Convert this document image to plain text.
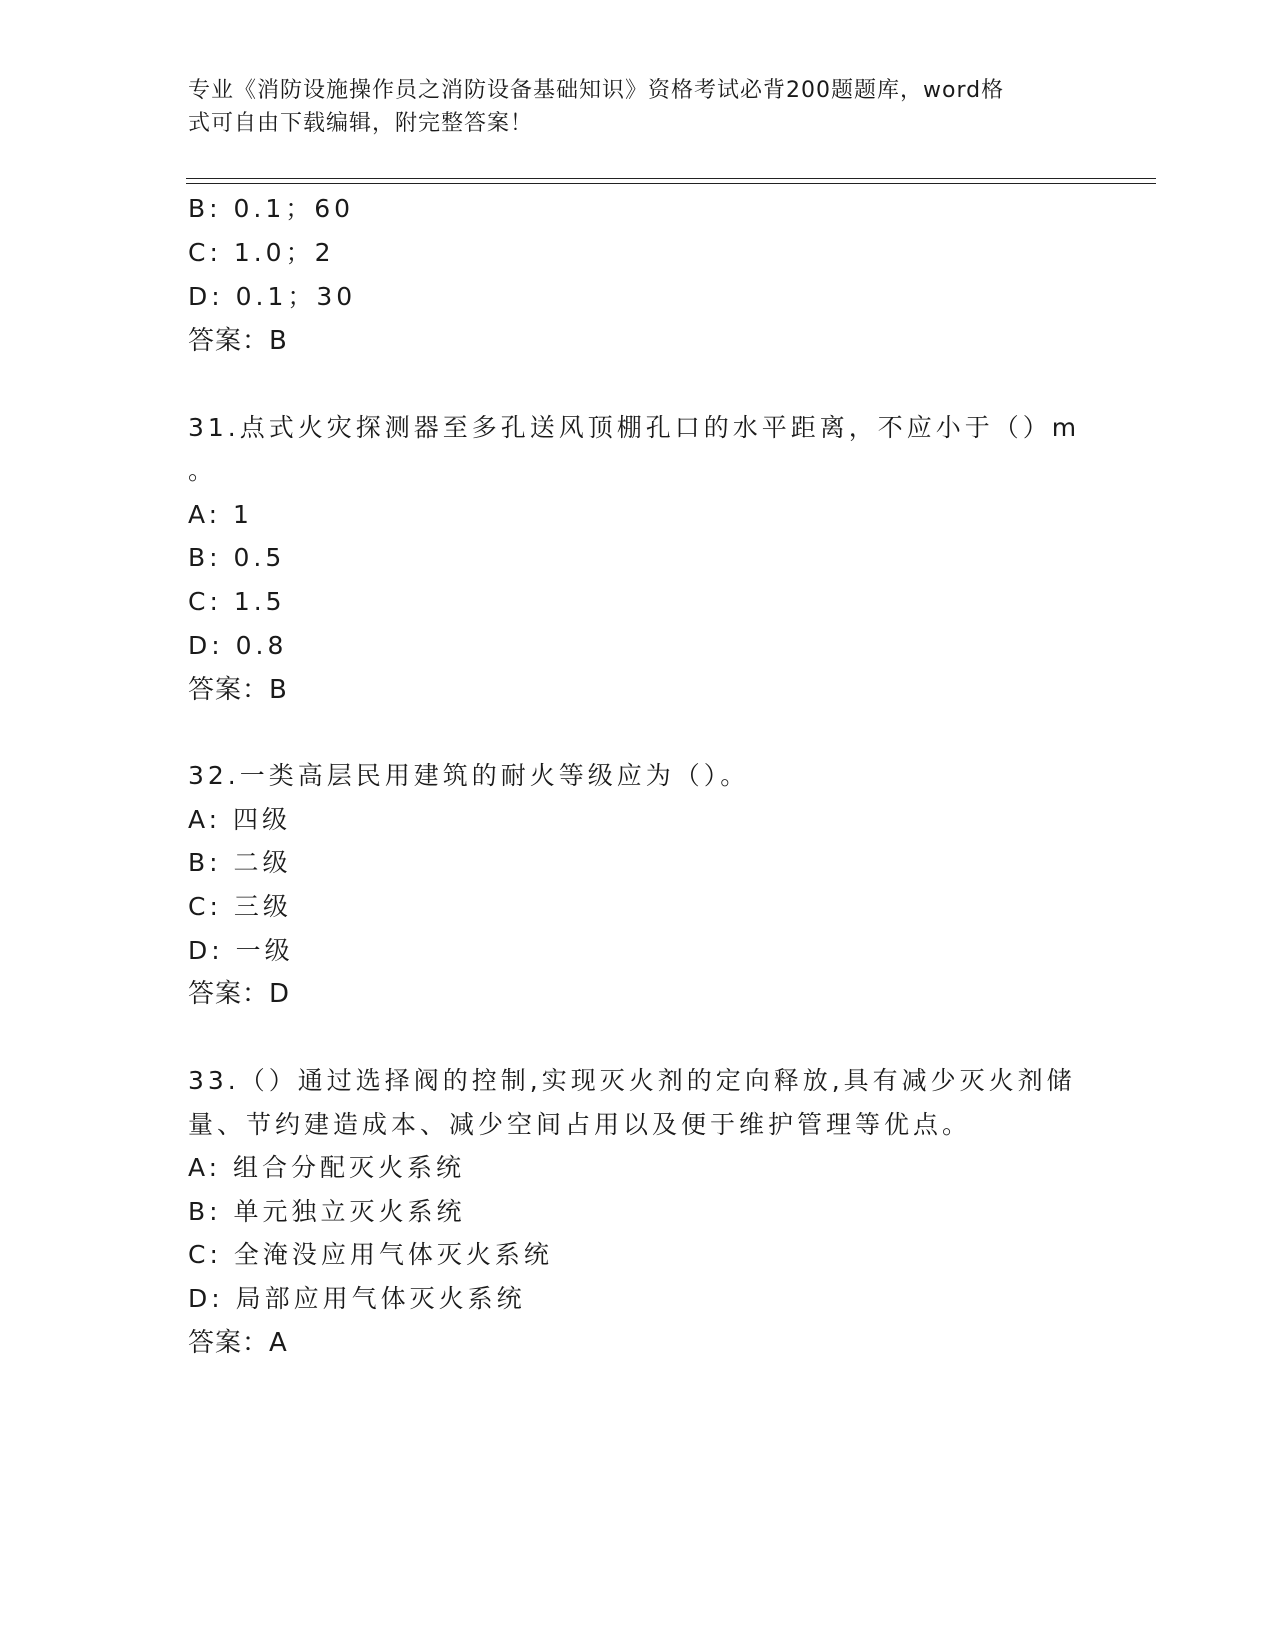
专业《消防设施操作员之消防设备基础知识》资格考试必背200题题库，word格
式可自由下载编辑，附完整答案！
B: 0.1；60
C: 1.0；2
D: 0.1；30
答案：B
31.点式火灾探测器至多孔送风顶棚孔口的水平距离，不应小于（）m
。
A: 1
B: 0.5
C: 1.5
D: 0.8
答案：B
32.一类高层民用建筑的耐火等级应为（）。
A: 四级
B: 二级
C: 三级
D: 一级
答案：D
33.（）通过选择阀的控制,实现灭火剂的定向释放,具有减少灭火剂储
量、节约建造成本、减少空间占用以及便于维护管理等优点。
A: 组合分配灭火系统
B: 单元独立灭火系统
C: 全淹没应用气体灭火系统
D: 局部应用气体灭火系统
答案：A
